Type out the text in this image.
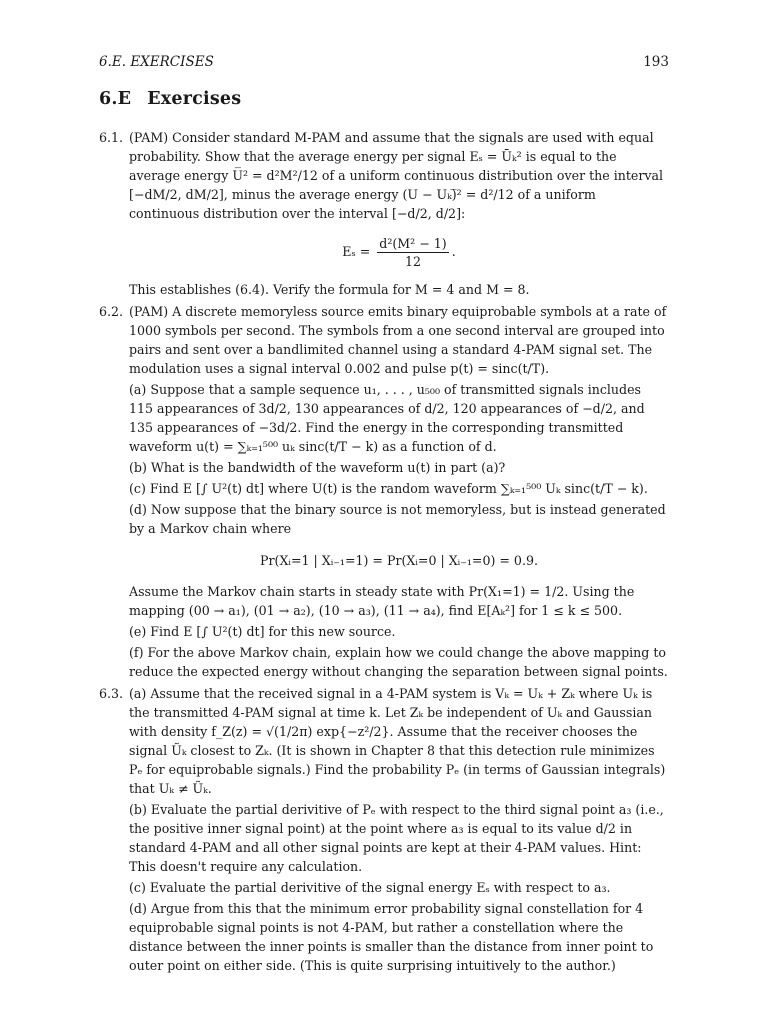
6.E. EXERCISES	193
6.E Exercises
6.1. (PAM) Consider standard M-PAM and assume that the signals are used with equal probability. Show that the average energy per signal Eₛ = Ūₖ² is equal to the average energy U̅² = d²M²/12 of a uniform continuous distribution over the interval [−dM/2, dM/2], minus the average energy (U − Uₖ)̅² = d²/12 of a uniform continuous distribution over the interval [−d/2, d/2]:

$E_s = \frac{\text{d²(M² − 1)}}{12}$ .

This establishes (6.4). Verify the formula for M = 4 and M = 8.

6.2. (PAM) A discrete memoryless source emits binary equiprobable symbols at a rate of 1000 symbols per second. The symbols from a one second interval are grouped into pairs and sent over a bandlimited channel using a standard 4-PAM signal set. The modulation uses a signal interval 0.002 and pulse p(t) = sinc(t/T).

(a) Suppose that a sample sequence u₁, . . . , u₅₀₀ of transmitted signals includes 115 appearances of 3d/2, 130 appearances of d/2, 120 appearances of −d/2, and 135 appearances of −3d/2. Find the energy in the corresponding transmitted waveform u(t) = ∑ₖ₌₁⁵⁰⁰ uₖ sinc(t/T − k) as a function of d.

(b) What is the bandwidth of the waveform u(t) in part (a)?

(c) Find E [∫ U²(t) dt] where U(t) is the random waveform ∑ₖ₌₁⁵⁰⁰ Uₖ sinc(t/T − k).

(d) Now suppose that the binary source is not memoryless, but is instead generated by a Markov chain where

Pr(Xᵢ=1 | Xᵢ₋₁=1) = Pr(Xᵢ=0 | Xᵢ₋₁=0) = 0.9.

Assume the Markov chain starts in steady state with Pr(X₁=1) = 1/2. Using the mapping (00 → a₁), (01 → a₂), (10 → a₃), (11 → a₄), find E[Aₖ²] for 1 ≤ k ≤ 500.

(e) Find E [∫ U²(t) dt] for this new source.

(f) For the above Markov chain, explain how we could change the above mapping to reduce the expected energy without changing the separation between signal points.

6.3. (a) Assume that the received signal in a 4-PAM system is Vₖ = Uₖ + Zₖ where Uₖ is the transmitted 4-PAM signal at time k. Let Zₖ be independent of Uₖ and Gaussian with density f_Z(z) = √(1/2π) exp{−z²/2}. Assume that the receiver chooses the signal Ũₖ closest to Zₖ. (It is shown in Chapter 8 that this detection rule minimizes Pₑ for equiprobable signals.) Find the probability Pₑ (in terms of Gaussian integrals) that Uₖ ≠ Ũₖ.

(b) Evaluate the partial derivitive of Pₑ with respect to the third signal point a₃ (i.e., the positive inner signal point) at the point where a₃ is equal to its value d/2 in standard 4-PAM and all other signal points are kept at their 4-PAM values. Hint: This doesn't require any calculation.

(c) Evaluate the partial derivitive of the signal energy Eₛ with respect to a₃.

(d) Argue from this that the minimum error probability signal constellation for 4 equiprobable signal points is not 4-PAM, but rather a constellation where the distance between the inner points is smaller than the distance from inner point to outer point on either side. (This is quite surprising intuitively to the author.)
